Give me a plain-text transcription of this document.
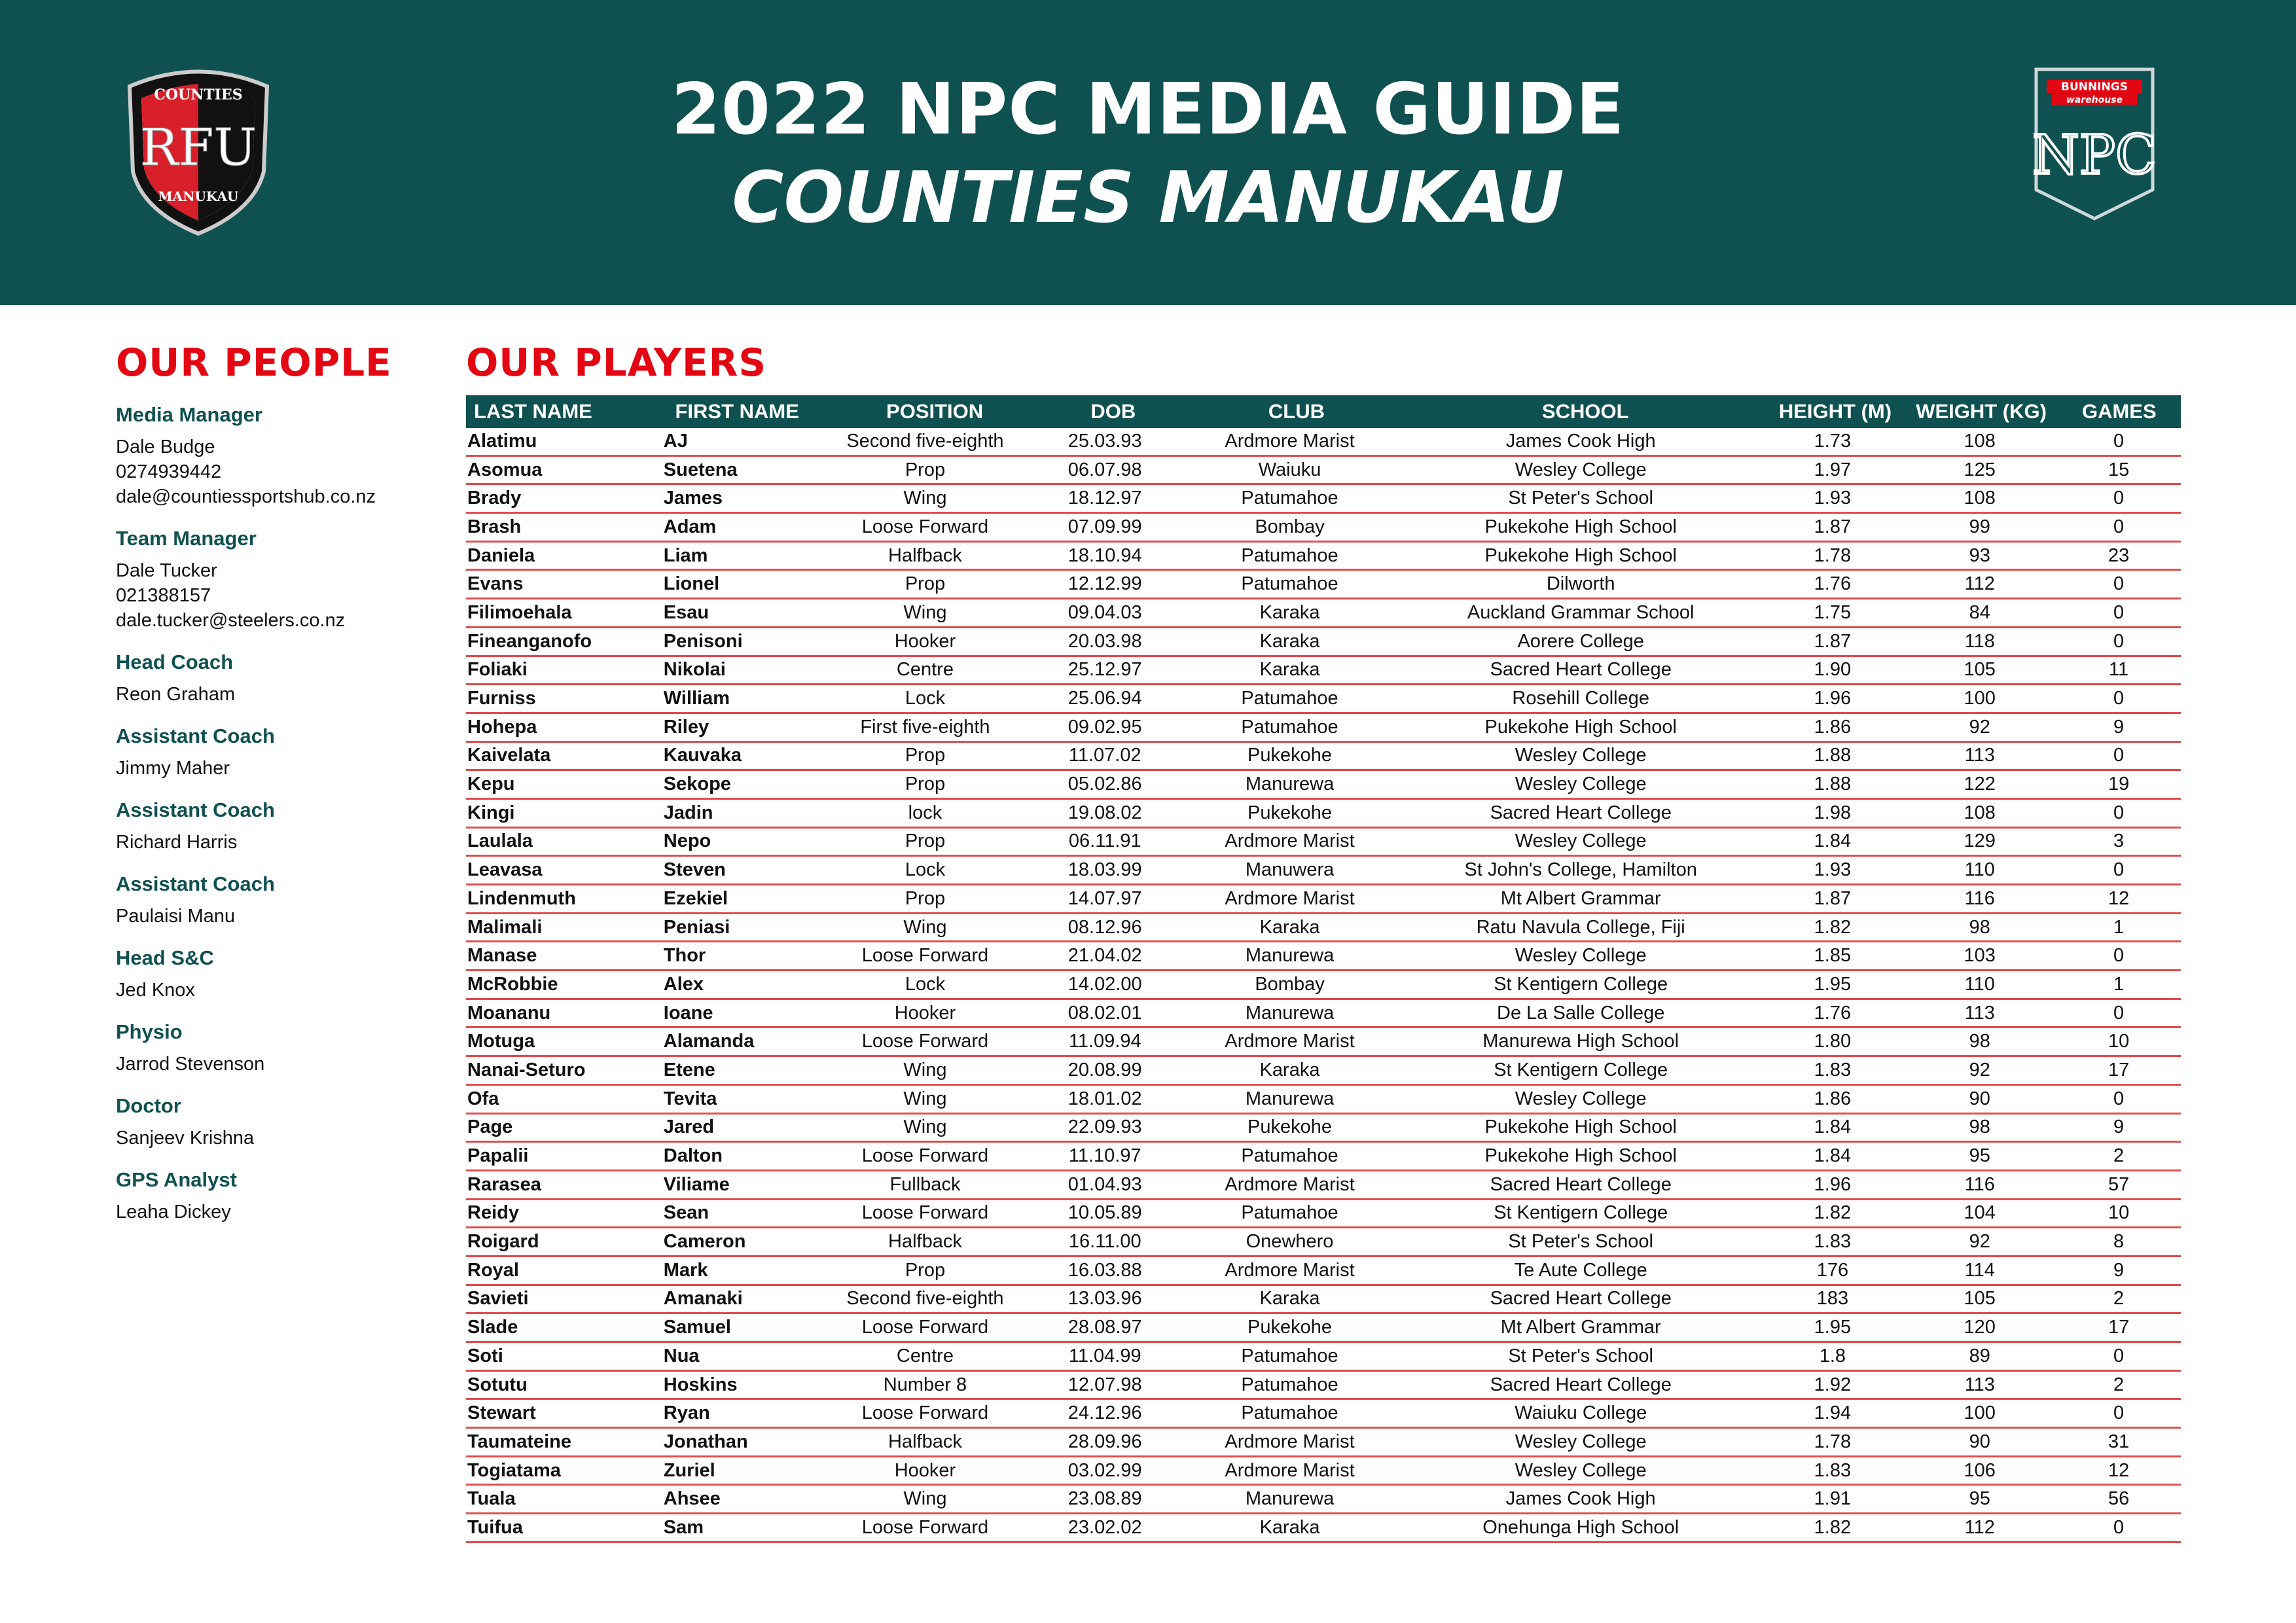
COUNTIES
RFU
MANUKAU
2022 NPC MEDIA GUIDE
COUNTIES MANUKAU
BUNNINGS
warehouse
NPC
OUR PEOPLE OUR PLAYERS
Media Manager
Dale Budge
0274939442
dale@countiessportshub.co.nz
Team Manager
Dale Tucker
021388157
dale.tucker@steelers.co.nz
Head Coach
Reon Graham
Assistant Coach
Jimmy Maher
Assistant Coach
Richard Harris
Assistant Coach
Paulaisi Manu
Head S&C
Jed Knox
Physio
Jarrod Stevenson
Doctor
Sanjeev Krishna
GPS Analyst
Leaha Dickey
LAST NAME	FIRST NAME	POSITION	DOB	CLUB	SCHOOL	HEIGHT (M)	WEIGHT (KG)	GAMES
Alatimu	AJ	Second five-eighth	25.03.93	Ardmore Marist	James Cook High	1.73	108	0
Asomua	Suetena	Prop	06.07.98	Waiuku	Wesley College	1.97	125	15
Brady	James	Wing	18.12.97	Patumahoe	St Peter's School	1.93	108	0
Brash	Adam	Loose Forward	07.09.99	Bombay	Pukekohe High School	1.87	99	0
Daniela	Liam	Halfback	18.10.94	Patumahoe	Pukekohe High School	1.78	93	23
Evans	Lionel	Prop	12.12.99	Patumahoe	Dilworth	1.76	112	0
Filimoehala	Esau	Wing	09.04.03	Karaka	Auckland Grammar School	1.75	84	0
Fineanganofo	Penisoni	Hooker	20.03.98	Karaka	Aorere College	1.87	118	0
Foliaki	Nikolai	Centre	25.12.97	Karaka	Sacred Heart College	1.90	105	11
Furniss	William	Lock	25.06.94	Patumahoe	Rosehill College	1.96	100	0
Hohepa	Riley	First five-eighth	09.02.95	Patumahoe	Pukekohe High School	1.86	92	9
Kaivelata	Kauvaka	Prop	11.07.02	Pukekohe	Wesley College	1.88	113	0
Kepu	Sekope	Prop	05.02.86	Manurewa	Wesley College	1.88	122	19
Kingi	Jadin	lock	19.08.02	Pukekohe	Sacred Heart College	1.98	108	0
Laulala	Nepo	Prop	06.11.91	Ardmore Marist	Wesley College	1.84	129	3
Leavasa	Steven	Lock	18.03.99	Manuwera	St John's College, Hamilton	1.93	110	0
Lindenmuth	Ezekiel	Prop	14.07.97	Ardmore Marist	Mt Albert Grammar	1.87	116	12
Malimali	Peniasi	Wing	08.12.96	Karaka	Ratu Navula College, Fiji	1.82	98	1
Manase	Thor	Loose Forward	21.04.02	Manurewa	Wesley College	1.85	103	0
McRobbie	Alex	Lock	14.02.00	Bombay	St Kentigern College	1.95	110	1
Moananu	Ioane	Hooker	08.02.01	Manurewa	De La Salle College	1.76	113	0
Motuga	Alamanda	Loose Forward	11.09.94	Ardmore Marist	Manurewa High School	1.80	98	10
Nanai-Seturo	Etene	Wing	20.08.99	Karaka	St Kentigern College	1.83	92	17
Ofa	Tevita	Wing	18.01.02	Manurewa	Wesley College	1.86	90	0
Page	Jared	Wing	22.09.93	Pukekohe	Pukekohe High School	1.84	98	9
Papalii	Dalton	Loose Forward	11.10.97	Patumahoe	Pukekohe High School	1.84	95	2
Rarasea	Viliame	Fullback	01.04.93	Ardmore Marist	Sacred Heart College	1.96	116	57
Reidy	Sean	Loose Forward	10.05.89	Patumahoe	St Kentigern College	1.82	104	10
Roigard	Cameron	Halfback	16.11.00	Onewhero	St Peter's School	1.83	92	8
Royal	Mark	Prop	16.03.88	Ardmore Marist	Te Aute College	176	114	9
Savieti	Amanaki	Second five-eighth	13.03.96	Karaka	Sacred Heart College	183	105	2
Slade	Samuel	Loose Forward	28.08.97	Pukekohe	Mt Albert Grammar	1.95	120	17
Soti	Nua	Centre	11.04.99	Patumahoe	St Peter's School	1.8	89	0
Sotutu	Hoskins	Number 8	12.07.98	Patumahoe	Sacred Heart College	1.92	113	2
Stewart	Ryan	Loose Forward	24.12.96	Patumahoe	Waiuku College	1.94	100	0
Taumateine	Jonathan	Halfback	28.09.96	Ardmore Marist	Wesley College	1.78	90	31
Togiatama	Zuriel	Hooker	03.02.99	Ardmore Marist	Wesley College	1.83	106	12
Tuala	Ahsee	Wing	23.08.89	Manurewa	James Cook High	1.91	95	56
Tuifua	Sam	Loose Forward	23.02.02	Karaka	Onehunga High School	1.82	112	0
